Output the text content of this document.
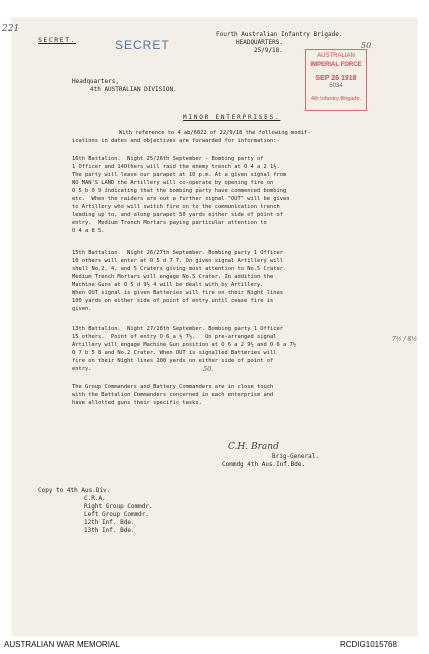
221
SECRET.	SECRET
Fourth Australian Infantry Brigade.
HEADQUARTERS.
25/9/18.
50
AUSTRALIAN
IMPERIAL FORCE
SEP 26 1918
5034
4th Infantry Brigade.
Headquarters,
4th AUSTRALIAN DIVISION.
MINOR ENTERPRISES.
With reference to 4 ab/6022 of 22/9/18 the following modif-
ications in dates and objectives are forwarded for information:-
16th Battalion.  Night 25/26th September - Bombing party of
1 Officer and 14Others will raid the enemy trench at O 4 a 2 1½.
The party will leave our parapet at 10 p.m. At a given signal from
NO MAN'S LAND the Artillery will co-operate by opening fire on
O 5 b 0 9 indicating that the bombing party have commenced bombing
etc.  When the raiders are out a further signal "OUT" will be given
to Artillery who will switch fire on to the communication trench
leading up to, and along parapet 50 yards either side of point of
entry.  Medium Trench Mortars paying particular attention to
O 4 a 8 5.
15th Battalion.  Night 26/27th September. Bombing party 1 Officer
10 others will enter at O 5 d 7 7. On given signal Artillery will
shell No.2, 4, and 5 Craters giving most attention to No.5 Crater.
Medium Trench Mortars will engage No.5 Crater. In addition the
Machine Guns at O 5 d 9½ 4 will be dealt with by Artillery.
When OUT signal is given Batteries will fire on their Night lines
100 yards on either side of point of entry until cease fire is
given.
13th Battalion.  Night 27/28th September. Bombing party 1 Officer
15 others.  Point of entry O 6 a ½ 7½.   On pre-arranged signal
Artillery will engage Machine Gun position at O 6 a 2 9½ and O 6 a 7½
O 7 b 5 8 and No.2 Crater. When OUT is signalled Batteries will
fire on their Night lines 100 yards on either side of point of
entry.
7½ / 8½
50.
The Group Commanders and Battery Commanders are in close touch
with the Battalion Commanders concerned in each enterprise and
have allotted guns their specific tasks.
C.H. Brand
Brig-General.
Commdg 4th Aus.Inf.Bde.
Copy to 4th Aus.Div.
C.R.A.
Right Group Commdr.
Left Group Commdr.
12th Inf. Bde.
13th Inf. Bde.
AUSTRALIAN WAR MEMORIAL	RCDIG1015768
